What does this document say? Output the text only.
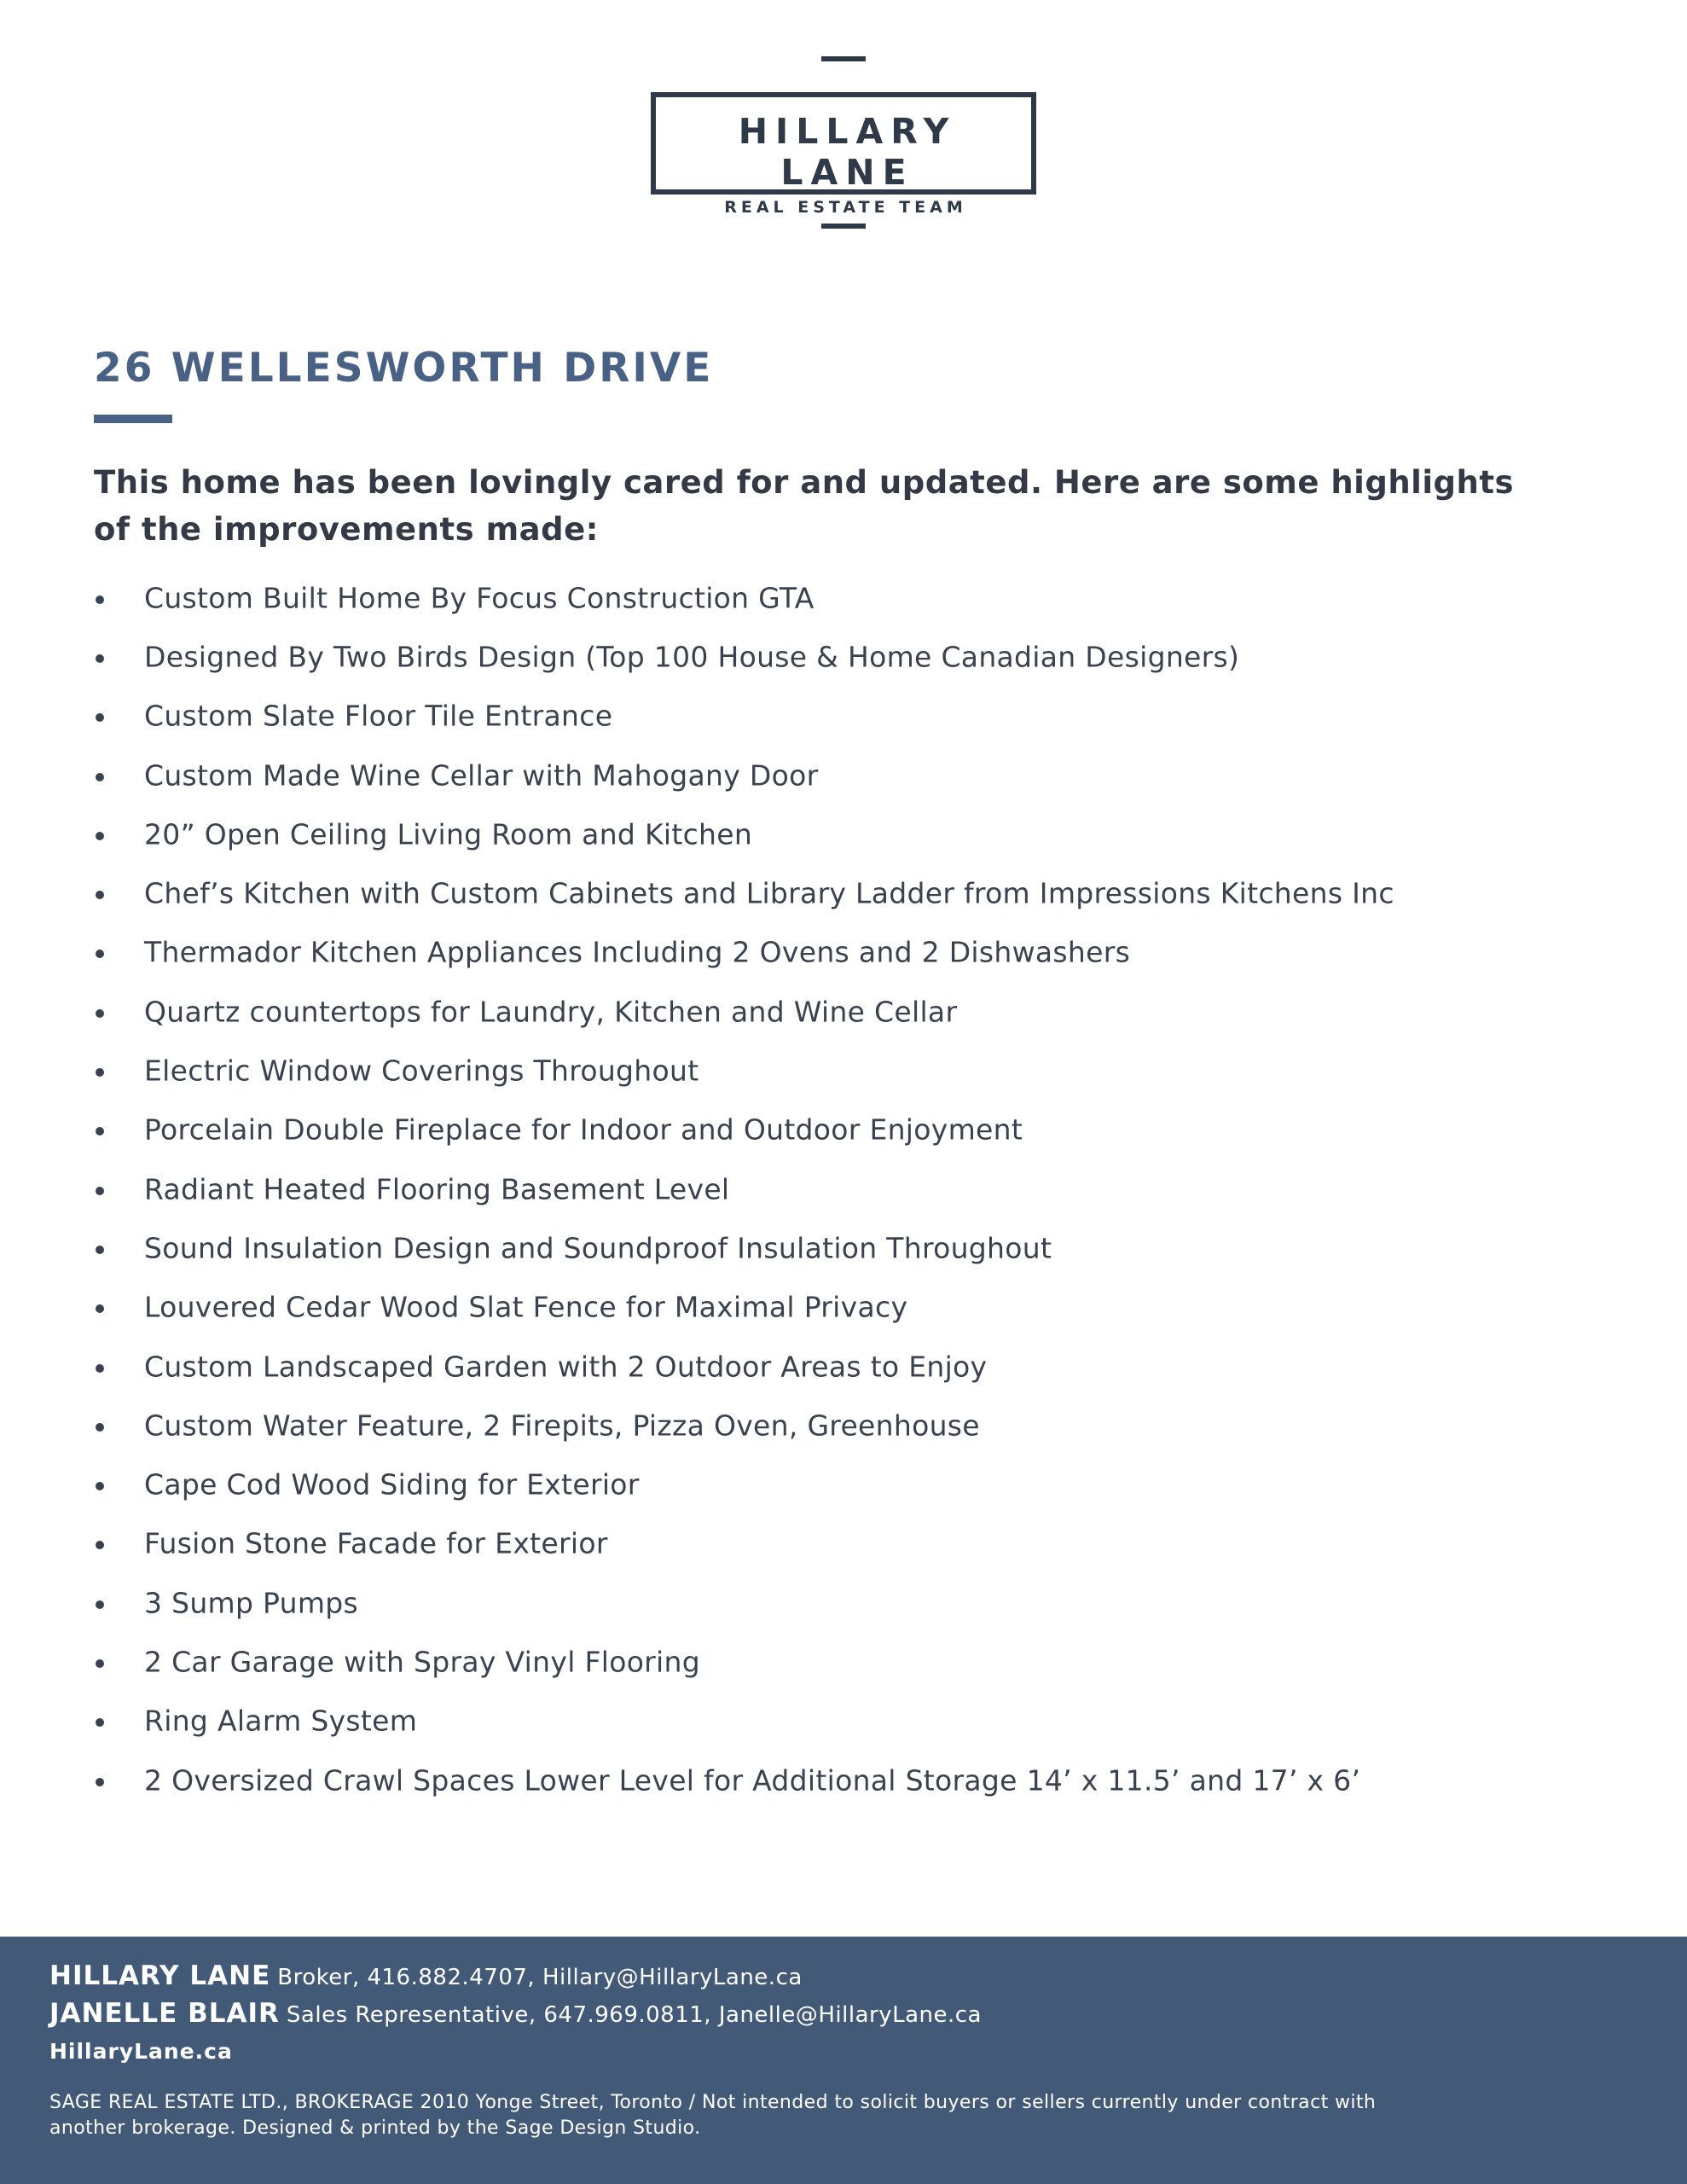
HILLARY LANE
REAL ESTATE TEAM
26 WELLESWORTH DRIVE

This home has been lovingly cared for and updated. Here are some highlights of the improvements made:

Custom Built Home By Focus Construction GTA
Designed By Two Birds Design (Top 100 House & Home Canadian Designers)
Custom Slate Floor Tile Entrance
Custom Made Wine Cellar with Mahogany Door
20” Open Ceiling Living Room and Kitchen
Chef’s Kitchen with Custom Cabinets and Library Ladder from Impressions Kitchens Inc
Thermador Kitchen Appliances Including 2 Ovens and 2 Dishwashers
Quartz countertops for Laundry, Kitchen and Wine Cellar
Electric Window Coverings Throughout
Porcelain Double Fireplace for Indoor and Outdoor Enjoyment
Radiant Heated Flooring Basement Level
Sound Insulation Design and Soundproof Insulation Throughout
Louvered Cedar Wood Slat Fence for Maximal Privacy
Custom Landscaped Garden with 2 Outdoor Areas to Enjoy
Custom Water Feature, 2 Firepits, Pizza Oven, Greenhouse
Cape Cod Wood Siding for Exterior
Fusion Stone Facade for Exterior
3 Sump Pumps
2 Car Garage with Spray Vinyl Flooring
Ring Alarm System
2 Oversized Crawl Spaces Lower Level for Additional Storage 14’ x 11.5’ and 17’ x 6’
HILLARY LANE Broker, 416.882.4707, Hillary@HillaryLane.ca
JANELLE BLAIR Sales Representative, 647.969.0811, Janelle@HillaryLane.ca
HillaryLane.ca

SAGE REAL ESTATE LTD., BROKERAGE 2010 Yonge Street, Toronto / Not intended to solicit buyers or sellers currently under contract with another brokerage. Designed & printed by the Sage Design Studio.
